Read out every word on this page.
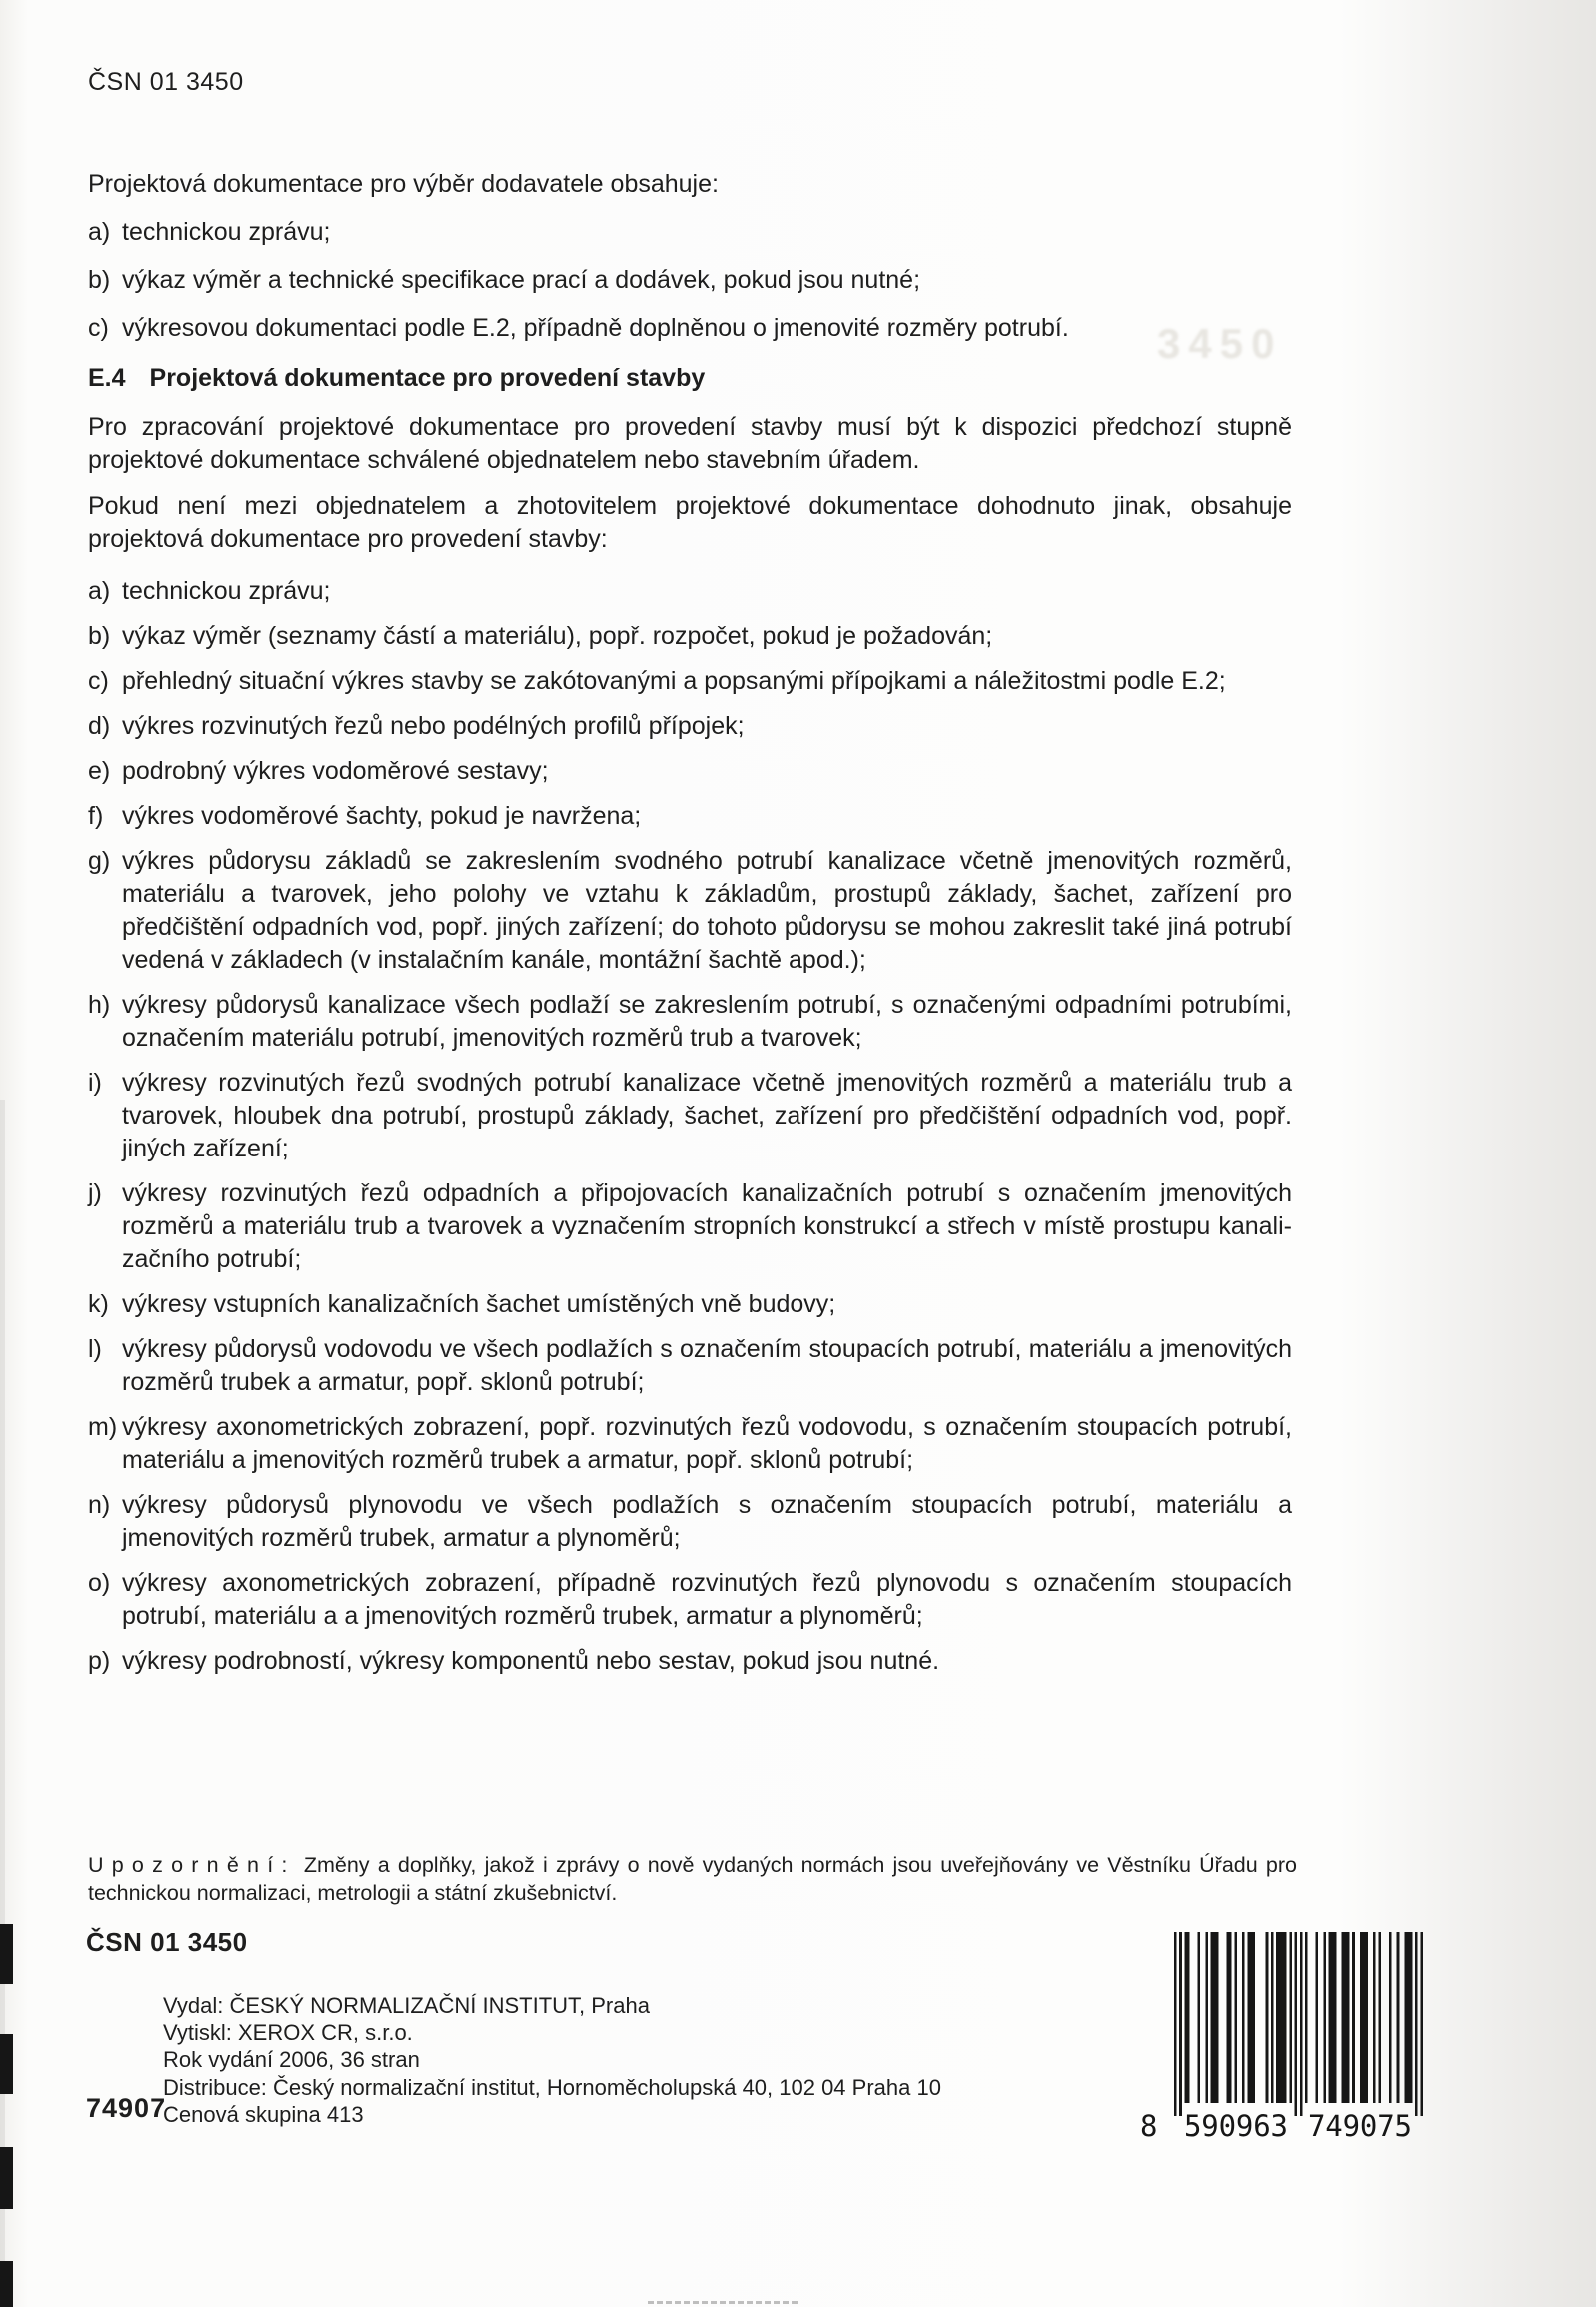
3450
ČSN 01 3450
Projektová dokumentace pro výběr dodavatele obsahuje:
a) technickou zprávu;
b) výkaz výměr a technické specifikace prací a dodávek, pokud jsou nutné;
c) výkresovou dokumentaci podle E.2, případně doplněnou o jmenovité rozměry potrubí.
E.4 Projektová dokumentace pro provedení stavby
Pro zpracování projektové dokumentace pro provedení stavby musí být k dispozici předchozí stupně projektové dokumentace schválené objednatelem nebo stavebním úřadem.
Pokud není mezi objednatelem a zhotovitelem projektové dokumentace dohodnuto jinak, obsahuje projektová dokumentace pro provedení stavby:
a) technickou zprávu;
b) výkaz výměr (seznamy částí a materiálu), popř. rozpočet, pokud je požadován;
c) přehledný situační výkres stavby se zakótovanými a popsanými přípojkami a náležitostmi podle E.2;
d) výkres rozvinutých řezů nebo podélných profilů přípojek;
e) podrobný výkres vodoměrové sestavy;
f) výkres vodoměrové šachty, pokud je navržena;
g) výkres půdorysu základů se zakreslením svodného potrubí kanalizace včetně jmenovitých rozměrů, materiálu a tvarovek, jeho polohy ve vztahu k základům, prostupů základy, šachet, zařízení pro předčištění odpadních vod, popř. jiných zařízení; do tohoto půdorysu se mohou zakreslit také jiná potrubí vedená v základech (v instalačním kanále, montážní šachtě apod.);
h) výkresy půdorysů kanalizace všech podlaží se zakreslením potrubí, s označenými odpadními potrubími, označením materiálu potrubí, jmenovitých rozměrů trub a tvarovek;
i) výkresy rozvinutých řezů svodných potrubí kanalizace včetně jmenovitých rozměrů a materiálu trub a tvarovek, hloubek dna potrubí, prostupů základy, šachet, zařízení pro předčištění odpadních vod, popř. jiných zařízení;
j) výkresy rozvinutých řezů odpadních a připojovacích kanalizačních potrubí s označením jmenovitých rozměrů a materiálu trub a tvarovek a vyznačením stropních konstrukcí a střech v místě prostupu kanali-začního potrubí;
k) výkresy vstupních kanalizačních šachet umístěných vně budovy;
l) výkresy půdorysů vodovodu ve všech podlažích s označením stoupacích potrubí, materiálu a jmenovitých rozměrů trubek a armatur, popř. sklonů potrubí;
m) výkresy axonometrických zobrazení, popř. rozvinutých řezů vodovodu, s označením stoupacích potrubí, materiálu a jmenovitých rozměrů trubek a armatur, popř. sklonů potrubí;
n) výkresy půdorysů plynovodu ve všech podlažích s označením stoupacích potrubí, materiálu a jmenovitých rozměrů trubek, armatur a plynoměrů;
o) výkresy axonometrických zobrazení, případně rozvinutých řezů plynovodu s označením stoupacích potrubí, materiálu a a jmenovitých rozměrů trubek, armatur a plynoměrů;
p) výkresy podrobností, výkresy komponentů nebo sestav, pokud jsou nutné.
U p o z o r n ě n í :  Změny a doplňky, jakož i zprávy o nově vydaných normách jsou uveřejňovány ve Věstníku Úřadu pro technickou normalizaci, metrologii a státní zkušebnictví.
ČSN 01 3450
Vydal: ČESKÝ NORMALIZAČNÍ INSTITUT, Praha
Vytiskl: XEROX CR, s.r.o.
Rok vydání 2006, 36 stran
Distribuce: Český normalizační institut, Hornoměcholupská 40, 102 04 Praha 10
Cenová skupina 413
74907
8 590963 749075
